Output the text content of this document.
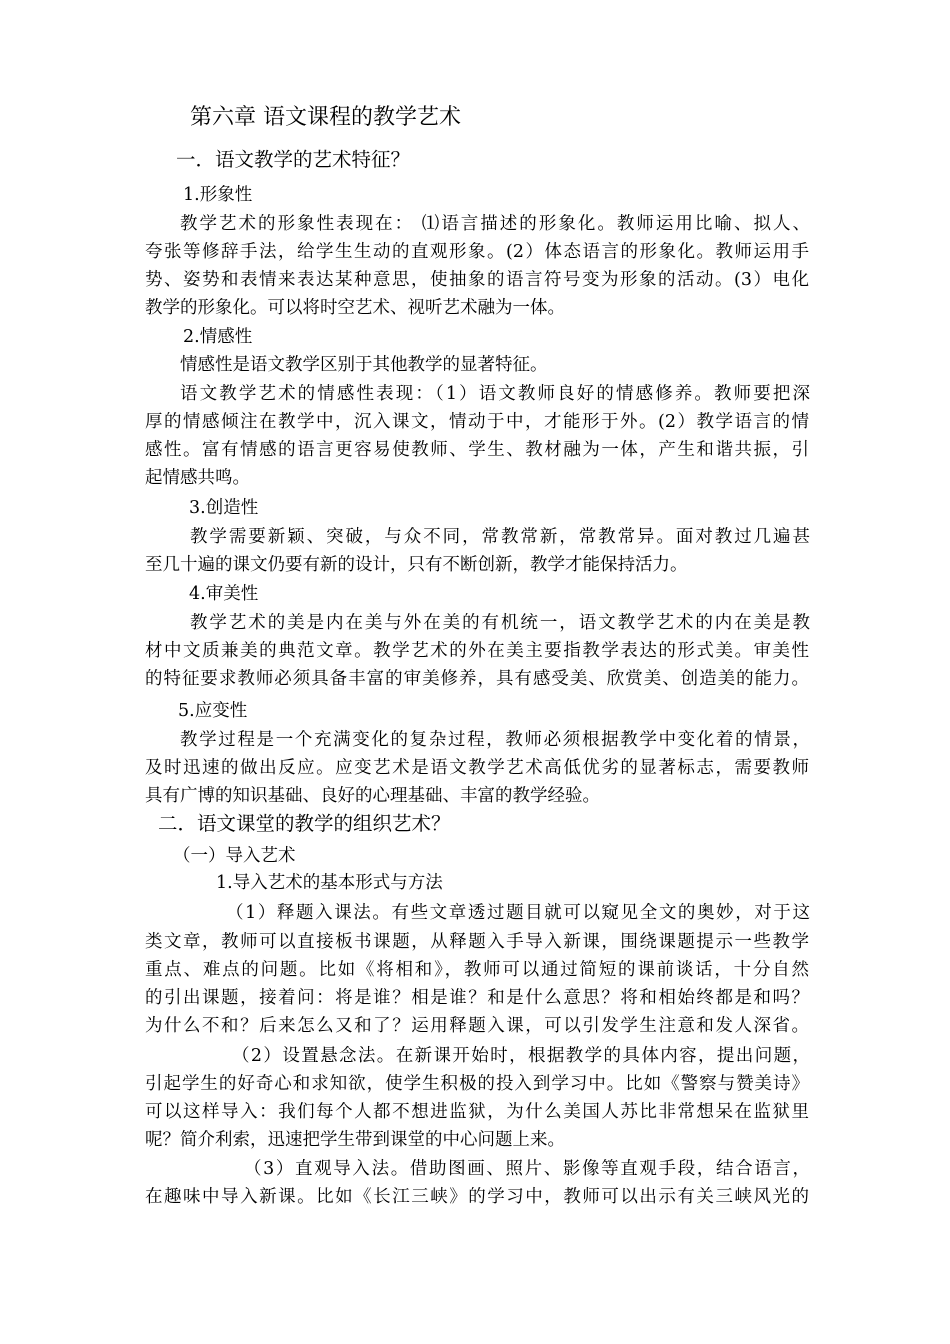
第六章 语文课程的教学艺术

一．语文教学的艺术特征？

1.形象性

教学艺术的形象性表现在： ⑴语言描述的形象化。教师运用比喻、拟人、

夸张等修辞手法，给学生生动的直观形象。(2）体态语言的形象化。教师运用手

势、姿势和表情来表达某种意思，使抽象的语言符号变为形象的活动。(3）电化

教学的形象化。可以将时空艺术、视听艺术融为一体。

2.情感性

情感性是语文教学区别于其他教学的显著特征。

语文教学艺术的情感性表现：（1）语文教师良好的情感修养。教师要把深

厚的情感倾注在教学中，沉入课文，情动于中，才能形于外。(2）教学语言的情

感性。富有情感的语言更容易使教师、学生、教材融为一体，产生和谐共振，引

起情感共鸣。

3.创造性

教学需要新颖、突破，与众不同，常教常新，常教常异。面对教过几遍甚

至几十遍的课文仍要有新的设计，只有不断创新，教学才能保持活力。

4.审美性

教学艺术的美是内在美与外在美的有机统一，语文教学艺术的内在美是教

材中文质兼美的典范文章。教学艺术的外在美主要指教学表达的形式美。审美性

的特征要求教师必须具备丰富的审美修养，具有感受美、欣赏美、创造美的能力。

5.应变性

教学过程是一个充满变化的复杂过程，教师必须根据教学中变化着的情景，

及时迅速的做出反应。应变艺术是语文教学艺术高低优劣的显著标志，需要教师

具有广博的知识基础、良好的心理基础、丰富的教学经验。

二．语文课堂的教学的组织艺术？

（一）导入艺术

1.导入艺术的基本形式与方法

（1）释题入课法。有些文章透过题目就可以窥见全文的奥妙，对于这

类文章，教师可以直接板书课题，从释题入手导入新课，围绕课题提示一些教学

重点、难点的问题。比如《将相和》，教师可以通过简短的课前谈话，十分自然

的引出课题，接着问：将是谁？相是谁？和是什么意思？将和相始终都是和吗？

为什么不和？后来怎么又和了？运用释题入课，可以引发学生注意和发人深省。

（2）设置悬念法。在新课开始时，根据教学的具体内容，提出问题，

引起学生的好奇心和求知欲，使学生积极的投入到学习中。比如《警察与赞美诗》

可以这样导入：我们每个人都不想进监狱，为什么美国人苏比非常想呆在监狱里

呢？简介利索，迅速把学生带到课堂的中心问题上来。

（3）直观导入法。借助图画、照片、影像等直观手段，结合语言，

在趣味中导入新课。比如《长江三峡》的学习中，教师可以出示有关三峡风光的
